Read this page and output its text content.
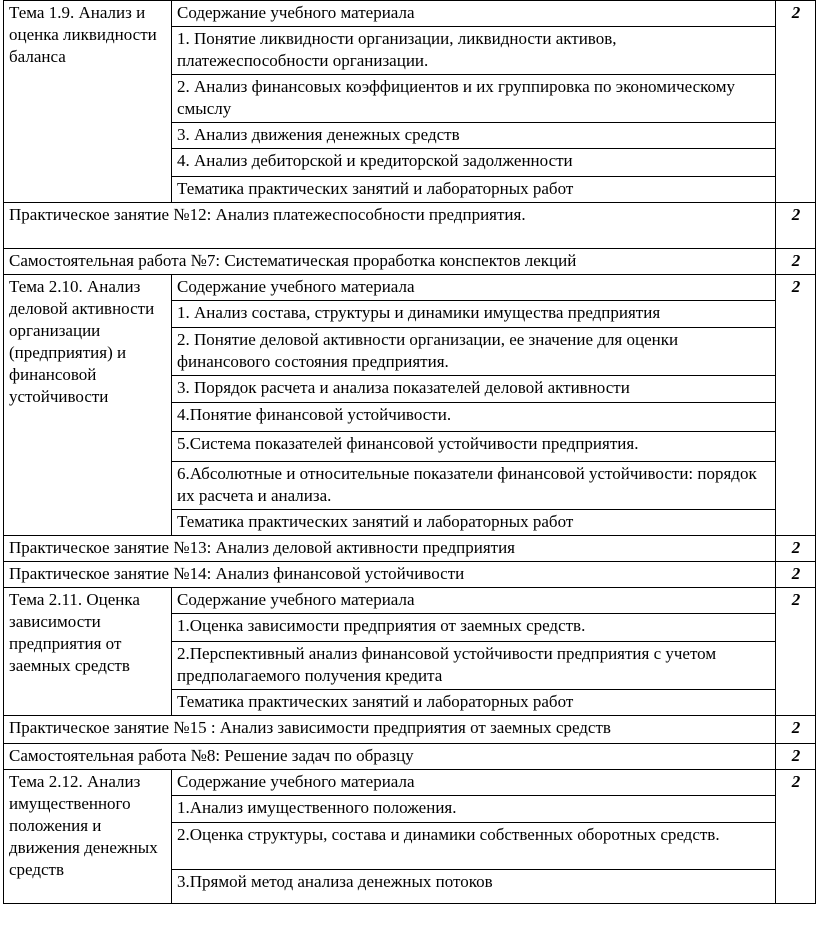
Тема 1.9. Анализ и оценка ликвидности баланса	Содержание учебного материала	2
	1. Понятие ликвидности организации, ликвидности активов, платежеспособности организации.	
	2. Анализ финансовых коэффициентов и их группировка по экономическому смыслу	
	3. Анализ движения денежных средств	
	4. Анализ дебиторской и кредиторской задолженности	
	Тематика практических занятий и лабораторных работ	
Практическое занятие №12: Анализ платежеспособности предприятия.		2
Самостоятельная работа №7: Систематическая проработка конспектов лекций		2
Тема 2.10. Анализ деловой активности организации (предприятия) и финансовой устойчивости	Содержание учебного материала	2
	1. Анализ состава, структуры и динамики имущества предприятия	
	2. Понятие деловой активности организации, ее значение для оценки финансового состояния предприятия.	
	3. Порядок расчета и анализа показателей деловой активности	
	4.Понятие финансовой устойчивости.	
	5.Система показателей финансовой устойчивости предприятия.	
	6.Абсолютные и относительные показатели финансовой устойчивости: порядок их расчета и анализа.	
	Тематика практических занятий и лабораторных работ	
Практическое занятие №13: Анализ деловой активности предприятия		2
Практическое занятие №14: Анализ финансовой устойчивости		2
Тема 2.11. Оценка зависимости предприятия от заемных средств	Содержание учебного материала	2
	1.Оценка зависимости предприятия от заемных средств.	
	2.Перспективный анализ финансовой устойчивости предприятия с учетом предполагаемого получения кредита	
	Тематика практических занятий и лабораторных работ	
Практическое занятие №15 : Анализ зависимости предприятия от заемных средств		2
Самостоятельная работа №8: Решение задач по образцу		2
Тема 2.12. Анализ имущественного положения и движения денежных средств	Содержание учебного материала	2
	1.Анализ имущественного положения.	
	2.Оценка структуры, состава и динамики собственных оборотных средств.	
	3.Прямой метод анализа денежных потоков	
